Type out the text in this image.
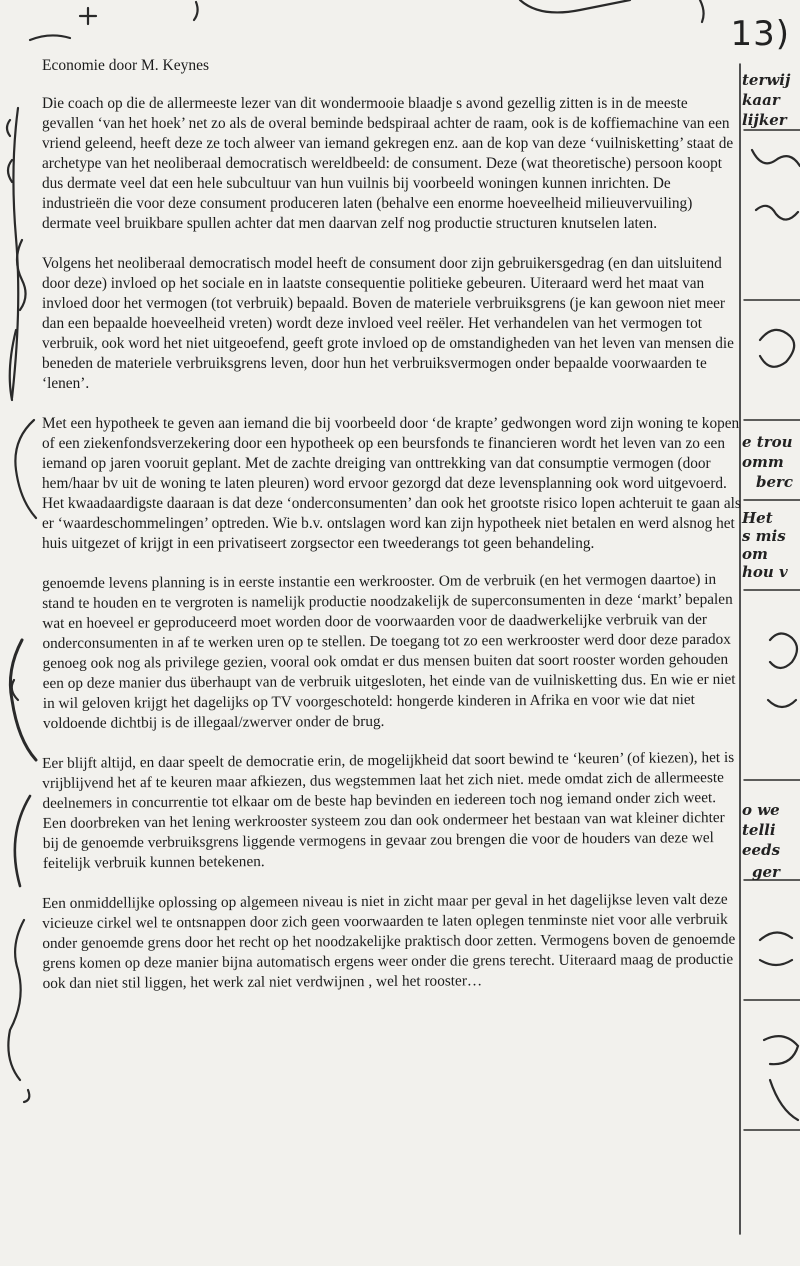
13)
terwij
kaar
lijker
e trou
omm
berc
Het
s mis
om
hou v
o we
telli
eeds
ger
Economie door M. Keynes

Die coach op die de allermeeste lezer van dit wondermooie blaadje s avond gezellig zitten is in de meeste gevallen ‘van het hoek’ net zo als de overal beminde bedspiraal achter de raam, ook is de koffiemachine van een vriend geleend, heeft deze ze toch alweer van iemand gekregen enz. aan de kop van deze ‘vuilnisketting’ staat de archetype van het neoliberaal democratisch wereldbeeld: de consument. Deze (wat theoretische) persoon koopt dus dermate veel dat een hele subcultuur van hun vuilnis bij voorbeeld woningen kunnen inrichten. De industrieën die voor deze consument produceren laten (behalve een enorme hoeveelheid milieuvervuiling) dermate veel bruikbare spullen achter dat men daarvan zelf nog productie structuren knutselen laten.

Volgens het neoliberaal democratisch model heeft de consument door zijn gebruikersgedrag (en dan uitsluitend door deze) invloed op het sociale en in laatste consequentie politieke gebeuren. Uiteraard werd het maat van invloed door het vermogen (tot verbruik) bepaald. Boven de materiele verbruiksgrens (je kan gewoon niet meer dan een bepaalde hoeveelheid vreten) wordt deze invloed veel reëler. Het verhandelen van het vermogen tot verbruik, ook word het niet uitgeoefend, geeft grote invloed op de omstandigheden van het leven van mensen die beneden de materiele verbruiksgrens leven, door hun het verbruiksvermogen onder bepaalde voorwaarden te ‘lenen’.

Met een hypotheek te geven aan iemand die bij voorbeeld door ‘de krapte’ gedwongen word zijn woning te kopen of een ziekenfondsverzekering door een hypotheek op een beursfonds te financieren wordt het leven van zo een iemand op jaren vooruit geplant. Met de zachte dreiging van onttrekking van dat consumptie vermogen (door hem/haar bv uit de woning te laten pleuren) word ervoor gezorgd dat deze levensplanning ook word uitgevoerd. Het kwaadaardigste daaraan is dat deze ‘onderconsumenten’ dan ook het grootste risico lopen achteruit te gaan als er ‘waardeschommelingen’ optreden. Wie b.v. ontslagen word kan zijn hypotheek niet betalen en werd alsnog het huis uitgezet of krijgt in een privatiseert zorgsector een tweederangs tot geen behandeling.

genoemde levens planning is in eerste instantie een werkrooster. Om de verbruik (en het vermogen daartoe) in stand te houden en te vergroten is namelijk productie noodzakelijk de superconsumenten in deze ‘markt’ bepalen wat en hoeveel er geproduceerd moet worden door de voorwaarden voor de daadwerkelijke verbruik van der onderconsumenten in af te werken uren op te stellen. De toegang tot zo een werkrooster werd door deze paradox genoeg ook nog als privilege gezien, vooral ook omdat er dus mensen buiten dat soort rooster worden gehouden een op deze manier dus überhaupt van de verbruik uitgesloten, het einde van de vuilnisketting dus. En wie er niet in wil geloven krijgt het dagelijks op TV voorgeschoteld: hongerde kinderen in Afrika en voor wie dat niet voldoende dichtbij is de illegaal/zwerver onder de brug.

Eer blijft altijd, en daar speelt de democratie erin, de mogelijkheid dat soort bewind te ‘keuren’ (of kiezen), het is vrijblijvend het af te keuren maar afkiezen, dus wegstemmen laat het zich niet. mede omdat zich de allermeeste deelnemers in concurrentie tot elkaar om de beste hap bevinden en iedereen toch nog iemand onder zich weet. Een doorbreken van het lening werkrooster systeem zou dan ook ondermeer het bestaan van wat kleiner dichter bij de genoemde verbruiksgrens liggende vermogens in gevaar zou brengen die voor de houders van deze wel feitelijk verbruik kunnen betekenen.

Een onmiddellijke oplossing op algemeen niveau is niet in zicht maar per geval in het dagelijkse leven valt deze vicieuze cirkel wel te ontsnappen door zich geen voorwaarden te laten oplegen tenminste niet voor alle verbruik onder genoemde grens door het recht op het noodzakelijke praktisch door zetten. Vermogens boven de genoemde grens komen op deze manier bijna automatisch ergens weer onder die grens terecht. Uiteraard maag de productie ook dan niet stil liggen, het werk zal niet verdwijnen , wel het rooster…
